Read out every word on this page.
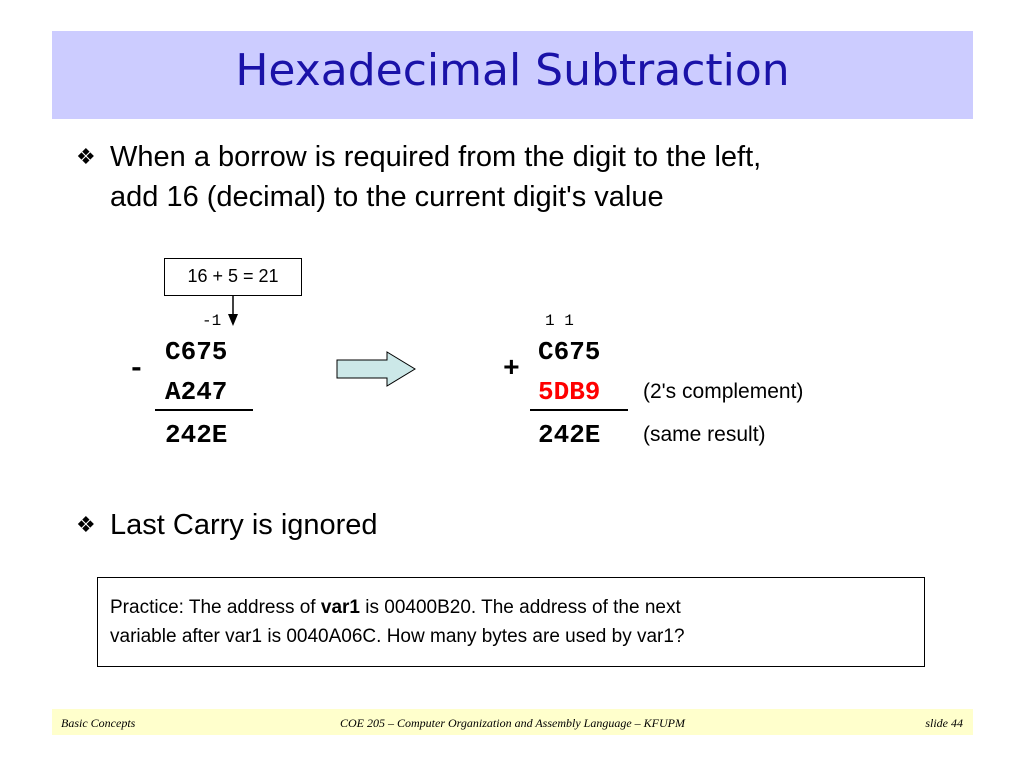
Hexadecimal Subtraction
❖ When a borrow is required from the digit to the left,
add 16 (decimal) to the current digit's value
16 + 5 = 21
-1
-
C675
A247
242E
1 1
+
C675
5DB9
242E
(2's complement)
(same result)
❖ Last Carry is ignored
Practice: The address of var1 is 00400B20. The address of the next
variable after var1 is 0040A06C. How many bytes are used by var1?
Basic Concepts	COE 205 – Computer Organization and Assembly Language – KFUPM	slide 44
